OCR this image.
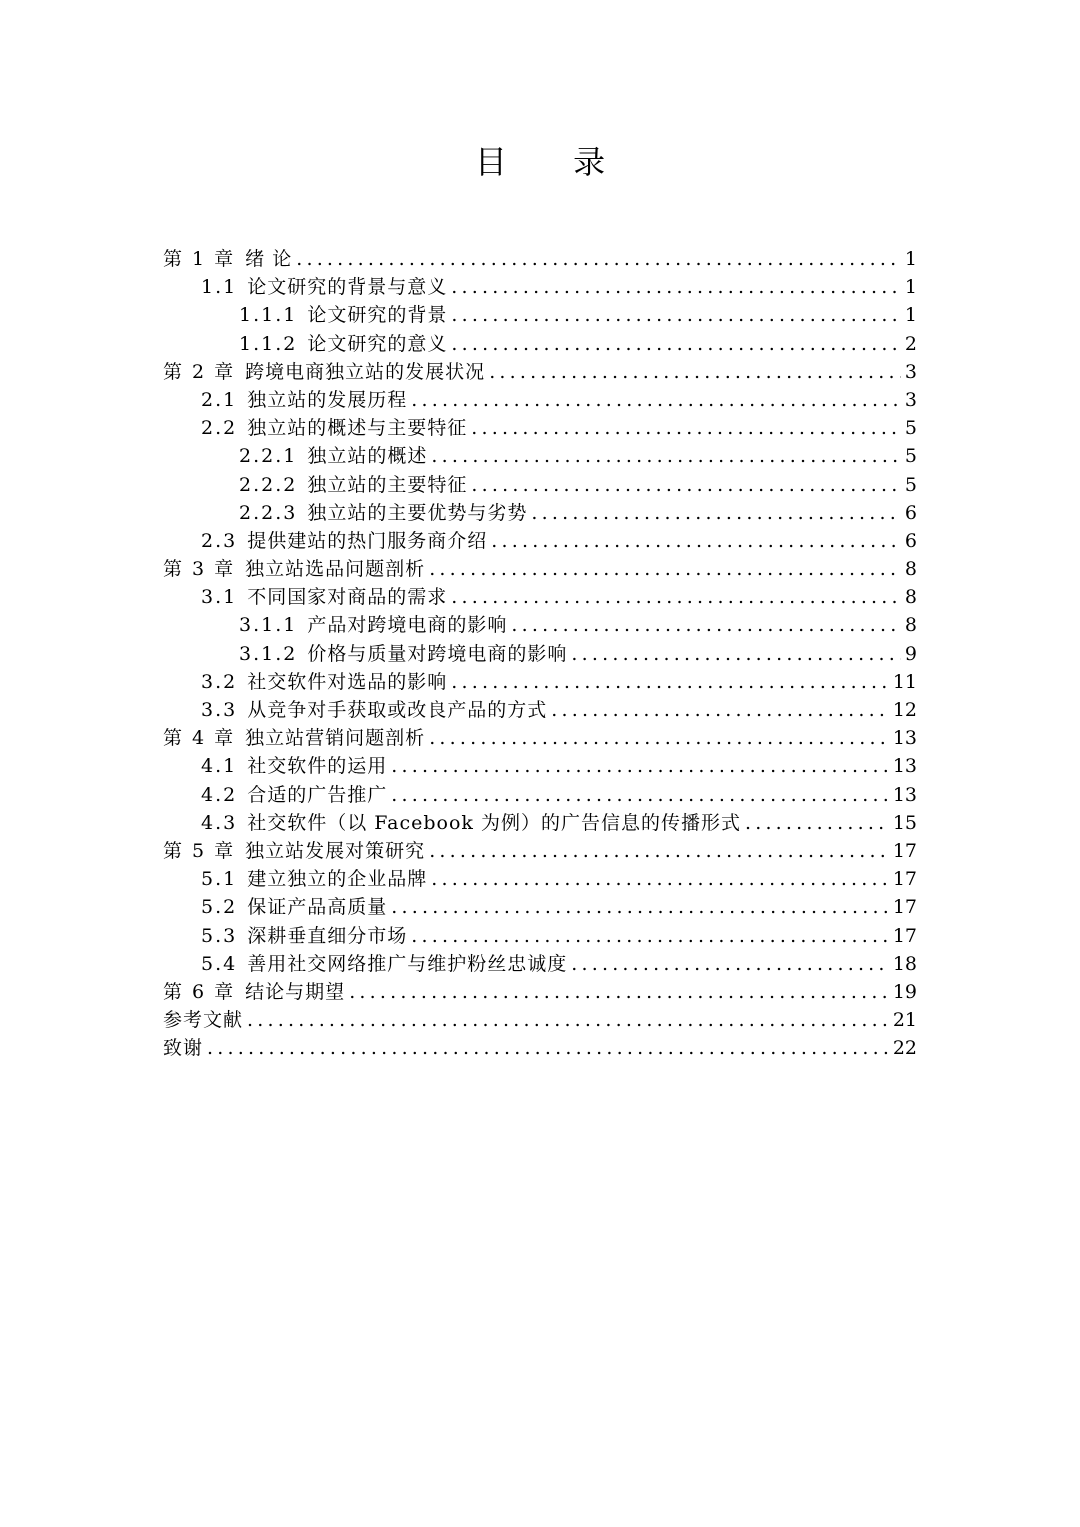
目 录
第 1 章 绪 论 .....	1
1.1 论文研究的背景与意义 .....	1
1.1.1 论文研究的背景 .....	1
1.1.2 论文研究的意义 .....	2
第 2 章 跨境电商独立站的发展状况 .....	3
2.1 独立站的发展历程 .....	3
2.2 独立站的概述与主要特征 .....	5
2.2.1 独立站的概述 .....	5
2.2.2 独立站的主要特征 .....	5
2.2.3 独立站的主要优势与劣势 .....	6
2.3 提供建站的热门服务商介绍 .....	6
第 3 章 独立站选品问题剖析 .....	8
3.1 不同国家对商品的需求 .....	8
3.1.1 产品对跨境电商的影响 .....	8
3.1.2 价格与质量对跨境电商的影响 .....	9
3.2 社交软件对选品的影响 .....	11
3.3 从竞争对手获取或改良产品的方式 .....	12
第 4 章 独立站营销问题剖析 .....	13
4.1 社交软件的运用 .....	13
4.2 合适的广告推广 .....	13
4.3 社交软件（以 Facebook 为例）的广告信息的传播形式 .....	15
第 5 章 独立站发展对策研究 .....	17
5.1 建立独立的企业品牌 .....	17
5.2 保证产品高质量 .....	17
5.3 深耕垂直细分市场 .....	17
5.4 善用社交网络推广与维护粉丝忠诚度 .....	18
第 6 章 结论与期望 .....	19
参考文献 .....	21
致谢 .....	22
